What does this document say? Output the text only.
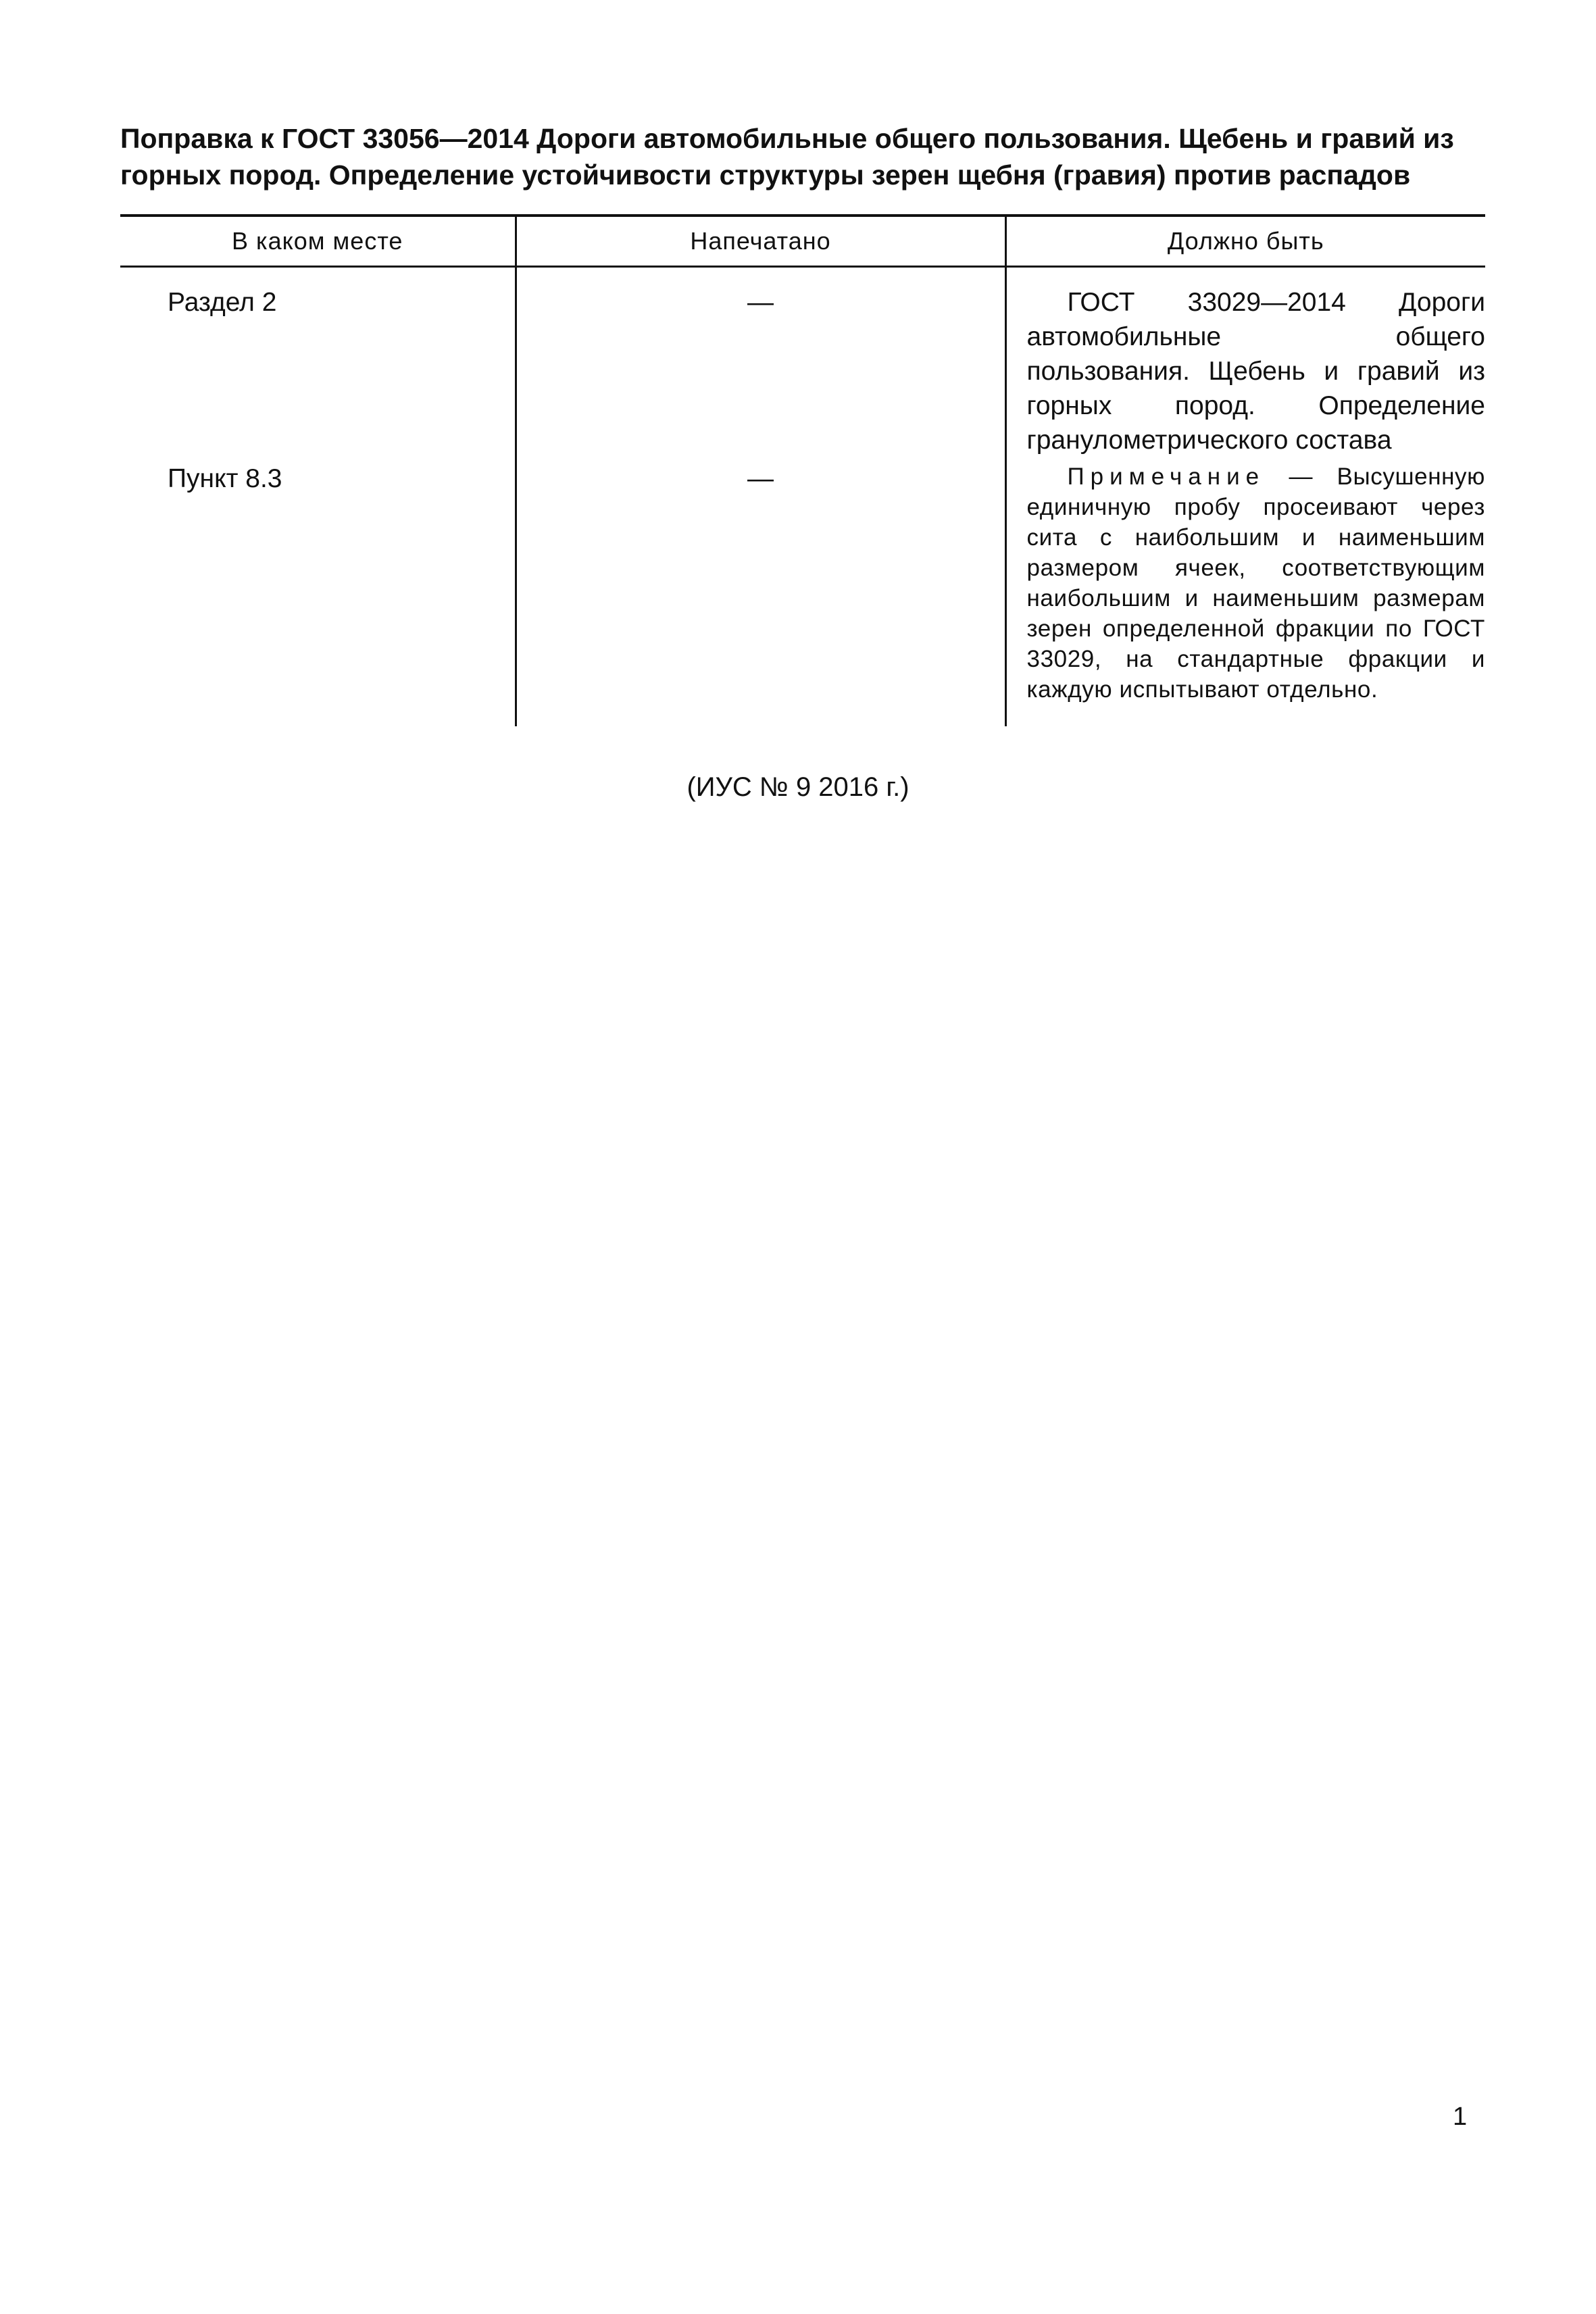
Поправка к ГОСТ 33056—2014 Дороги автомобильные общего пользования. Щебень и гравий из
горных пород. Определение устойчивости структуры зерен щебня (гравия) против распадов
В каком месте	Напечатано	Должно быть
Раздел 2	—	ГОСТ 33029—2014 Дороги автомобильные общего пользования. Щебень и гравий из горных пород. Определение гранулометрического состава

Пункт 8.3	—	Примечание — Высушенную единичную пробу просеивают через сита с наибольшим и наименьшим размером ячеек, соответствующим наибольшим и наименьшим размерам зерен определенной фракции по ГОСТ 33029, на стандартные фракции и каждую испытывают отдельно.

(ИУС № 9 2016 г.)

1
